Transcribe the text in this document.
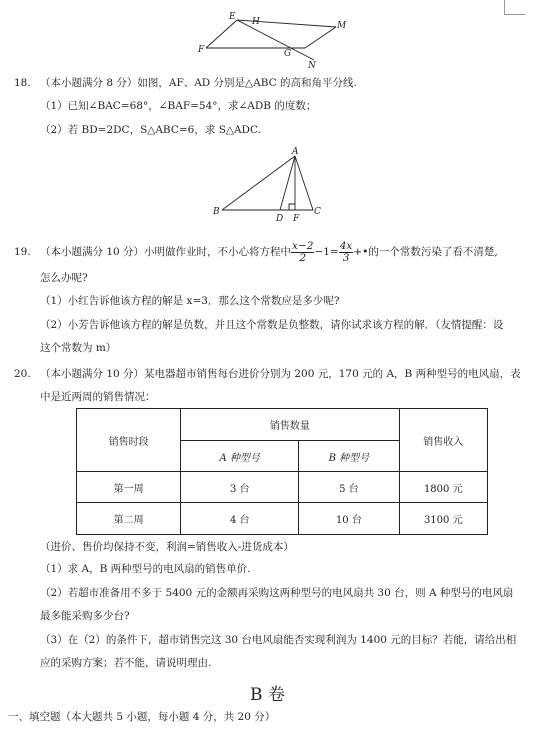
E H	M
F	G
N
18. （本小题满分 8 分）如图，AF、AD 分别是△ABC 的高和角平分线.
（1）已知∠BAC=68°，∠BAF=54°，求∠ADB 的度数；
（2）若 BD=2DC，S△ABC=6，求 S△ADC.
A
B
D F
C
19. （本小题满分 10 分）小明做作业时，不小心将方程中 $\frac{x-2}{2} -1= \frac{4x}{3}$ +•的一个常数污染了看不清楚,
怎么办呢?
（1）小红告诉他该方程的解是 x=3．那么这个常数应是多少呢?
（2）小芳告诉他该方程的解是负数，并且这个常数是负整数，请你试求该方程的解．（友情提醒：设
这个常数为 m）
20. （本小题满分 10 分）某电器超市销售每台进价分别为 200 元，170 元的 A，B 两种型号的电风扇，表
中是近两周的销售情况：
销售时段	销售数量		销售收入
	A 种型号	B 种型号	
第一周	3 台	5 台	1800 元
第二周	4 台	10 台	3100 元
（进价、售价均保持不变，利润=销售收入-进货成本）
（1）求 A，B 两种型号的电风扇的销售单价.
（2）若超市准备用不多于 5400 元的金额再采购这两种型号的电风扇共 30 台，则 A 种型号的电风扇
最多能采购多少台?
（3）在（2）的条件下，超市销售完这 30 台电风扇能否实现利润为 1400 元的目标？若能，请给出相
应的采购方案；若不能，请说明理由.
B 卷
一、填空题（本大题共 5 小题，每小题 4 分，共 20 分）
